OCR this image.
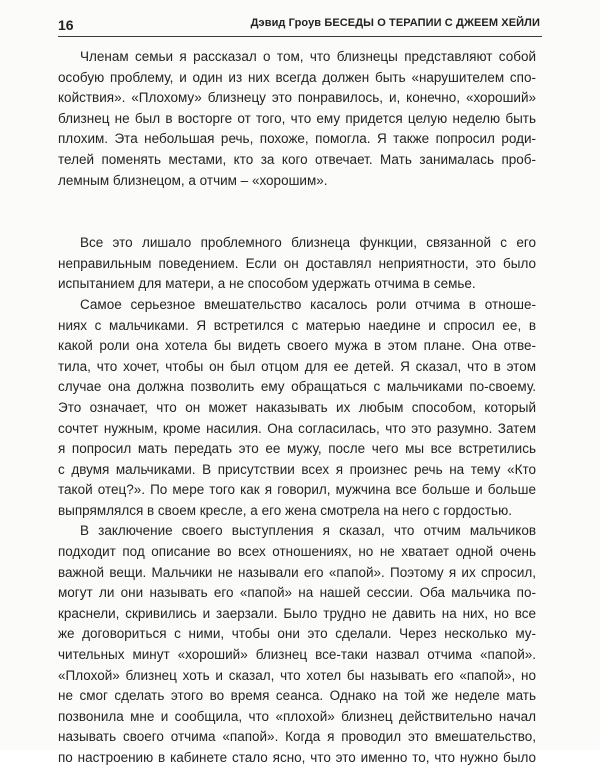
16	Дэвид Гроув БЕСЕДЫ О ТЕРАПИИ С ДЖЕЕМ ХЕЙЛИ
Членам семьи я рассказал о том, что близнецы представляют собой
особую проблему, и один из них всегда должен быть «нарушителем спо-
койствия». «Плохому» близнецу это понравилось, и, конечно, «хороший»
близнец не был в восторге от того, что ему придется целую неделю быть
плохим. Эта небольшая речь, похоже, помогла. Я также попросил роди-
телей поменять местами, кто за кого отвечает. Мать занималась проб-
лемным близнецом, а отчим – «хорошим».
Все это лишало проблемного близнеца функции, связанной с его
неправильным поведением. Если он доставлял неприятности, это было
испытанием для матери, а не способом удержать отчима в семье.
Самое серьезное вмешательство касалось роли отчима в отноше-
ниях с мальчиками. Я встретился с матерью наедине и спросил ее, в
какой роли она хотела бы видеть своего мужа в этом плане. Она отве-
тила, что хочет, чтобы он был отцом для ее детей. Я сказал, что в этом
случае она должна позволить ему обращаться с мальчиками по-своему.
Это означает, что он может наказывать их любым способом, который
сочтет нужным, кроме насилия. Она согласилась, что это разумно. Затем
я попросил мать передать это ее мужу, после чего мы все встретились
с двумя мальчиками. В присутствии всех я произнес речь на тему «Кто
такой отец?». По мере того как я говорил, мужчина все больше и больше
выпрямлялся в своем кресле, а его жена смотрела на него с гордостью.
В заключение своего выступления я сказал, что отчим мальчиков
подходит под описание во всех отношениях, но не хватает одной очень
важной вещи. Мальчики не называли его «папой». Поэтому я их спросил,
могут ли они называть его «папой» на нашей сессии. Оба мальчика по-
краснели, скривились и заерзали. Было трудно не давить на них, но все
же договориться с ними, чтобы они это сделали. Через несколько му-
чительных минут «хороший» близнец все-таки назвал отчима «папой».
«Плохой» близнец хоть и сказал, что хотел бы называть его «папой», но
не смог сделать этого во время сеанса. Однако на той же неделе мать
позвонила мне и сообщила, что «плохой» близнец действительно начал
называть своего отчима «папой». Когда я проводил это вмешательство,
по настроению в кабинете стало ясно, что это именно то, что нужно было
